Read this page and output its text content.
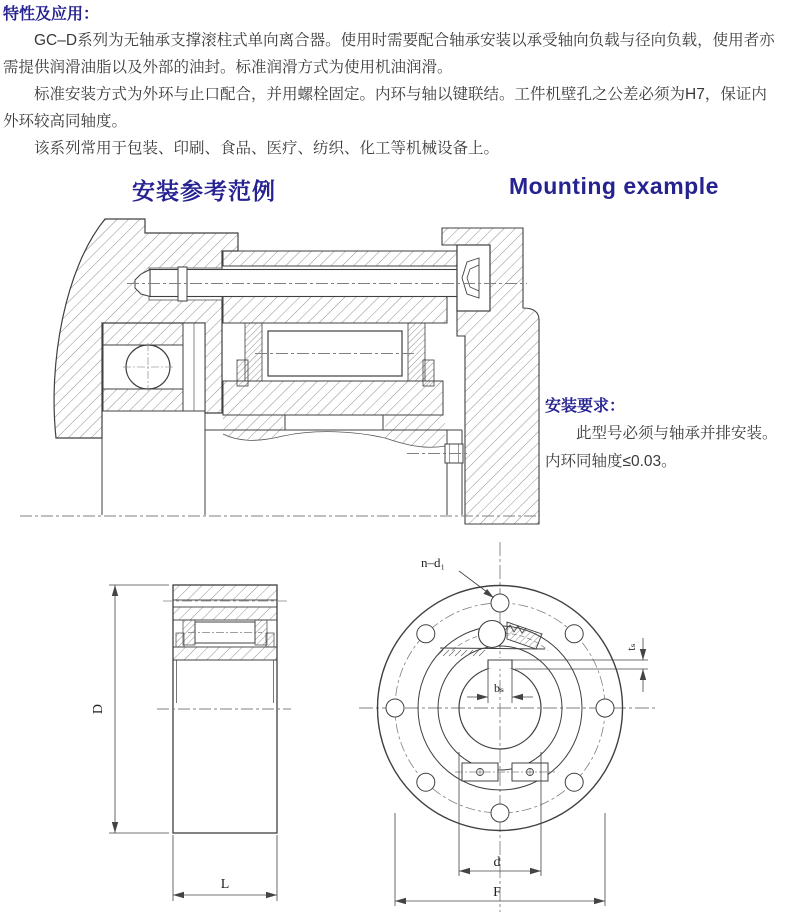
特性及应用：
GC–D系列为无轴承支撑滚柱式单向离合器。使用时需要配合轴承安装以承受轴向负载与径向负载，使用者亦
需提供润滑油脂以及外部的油封。标准润滑方式为使用机油润滑。
标准安装方式为外环与止口配合，并用螺栓固定。内环与轴以键联结。工件机壁孔之公差必须为H7，保证内
外环较高同轴度。
该系列常用于包装、印刷、食品、医疗、纺织、化工等机械设备上。
安装参考范例	Mounting example
安装要求：
此型号必须与轴承并排安装。
内环同轴度≤0.03。
D
L
n–d₁
bₛ
tₛ
d
F
